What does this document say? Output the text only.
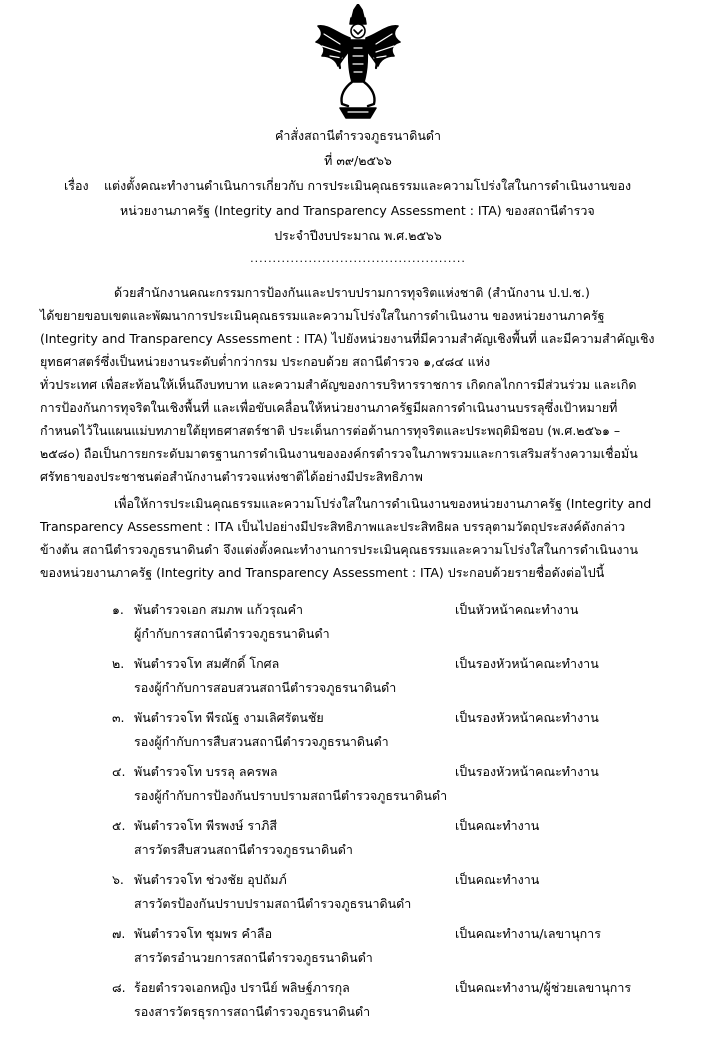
คำสั่งสถานีตำรวจภูธรนาดินดำ
ที่ ๓๙/๒๕๖๖
เรื่อง แต่งตั้งคณะทำงานดำเนินการเกี่ยวกับ การประเมินคุณธรรมและความโปร่งใสในการดำเนินงานของ
หน่วยงานภาครัฐ (Integrity and Transparency Assessment : ITA) ของสถานีตำรวจ
ประจำปีงบประมาณ พ.ศ.๒๕๖๖
................................................
ด้วยสำนักงานคณะกรรมการป้องกันและปราบปรามการทุจริตแห่งชาติ (สำนักงาน ป.ป.ช.)
ได้ขยายขอบเขตและพัฒนาการประเมินคุณธรรมและความโปร่งใสในการดำเนินงาน ของหน่วยงานภาครัฐ
(Integrity and Transparency Assessment : ITA) ไปยังหน่วยงานที่มีความสำคัญเชิงพื้นที่ และมีความสำคัญเชิง
ยุทธศาสตร์ซึ่งเป็นหน่วยงานระดับต่ำกว่ากรม ประกอบด้วย สถานีตำรวจ ๑,๔๘๔ แห่ง
ทั่วประเทศ เพื่อสะท้อนให้เห็นถึงบทบาท และความสำคัญของการบริหารราชการ เกิดกลไกการมีส่วนร่วม และเกิด
การป้องกันการทุจริตในเชิงพื้นที่ และเพื่อขับเคลื่อนให้หน่วยงานภาครัฐมีผลการดำเนินงานบรรลุซึ่งเป้าหมายที่
กำหนดไว้ในแผนแม่บทภายใต้ยุทธศาสตร์ชาติ ประเด็นการต่อต้านการทุจริตและประพฤติมิชอบ (พ.ศ.๒๕๖๑ –
๒๕๘๐) ถือเป็นการยกระดับมาตรฐานการดำเนินงานขององค์กรตำรวจในภาพรวมและการเสริมสร้างความเชื่อมั่น
ศรัทธาของประชาชนต่อสำนักงานตำรวจแห่งชาติได้อย่างมีประสิทธิภาพ
เพื่อให้การประเมินคุณธรรมและความโปร่งใสในการดำเนินงานของหน่วยงานภาครัฐ (Integrity and
Transparency Assessment : ITA เป็นไปอย่างมีประสิทธิภาพและประสิทธิผล บรรลุตามวัตถุประสงค์ดังกล่าว
ข้างต้น สถานีตำรวจภูธรนาดินดำ จึงแต่งตั้งคณะทำงานการประเมินคุณธรรมและความโปร่งใสในการดำเนินงาน
ของหน่วยงานภาครัฐ (Integrity and Transparency Assessment : ITA) ประกอบด้วยรายชื่อดังต่อไปนี้
๑. พันตำรวจเอก สมภพ แก้วรุณคำ	เป็นหัวหน้าคณะทำงาน
ผู้กำกับการสถานีตำรวจภูธรนาดินดำ
๒. พันตำรวจโท สมศักดิ์ โกศล	เป็นรองหัวหน้าคณะทำงาน
รองผู้กำกับการสอบสวนสถานีตำรวจภูธรนาดินดำ
๓. พันตำรวจโท พีรณัฐ งามเลิศรัตนชัย	เป็นรองหัวหน้าคณะทำงาน
รองผู้กำกับการสืบสวนสถานีตำรวจภูธรนาดินดำ
๔. พันตำรวจโท บรรลุ ลครพล	เป็นรองหัวหน้าคณะทำงาน
รองผู้กำกับการป้องกันปราบปรามสถานีตำรวจภูธรนาดินดำ
๕. พันตำรวจโท พีรพงษ์ ราภิสี	เป็นคณะทำงาน
สารวัตรสืบสวนสถานีตำรวจภูธรนาดินดำ
๖. พันตำรวจโท ช่วงชัย อุปถัมภ์	เป็นคณะทำงาน
สารวัตรป้องกันปราบปรามสถานีตำรวจภูธรนาดินดำ
๗. พันตำรวจโท ชุมพร คำลือ	เป็นคณะทำงาน/เลขานุการ
สารวัตรอำนวยการสถานีตำรวจภูธรนาดินดำ
๘. ร้อยตำรวจเอกหญิง ปรานีย์ พลิษฐ์ภารกุล	เป็นคณะทำงาน/ผู้ช่วยเลขานุการ
รองสารวัตรธุรการสถานีตำรวจภูธรนาดินดำ
